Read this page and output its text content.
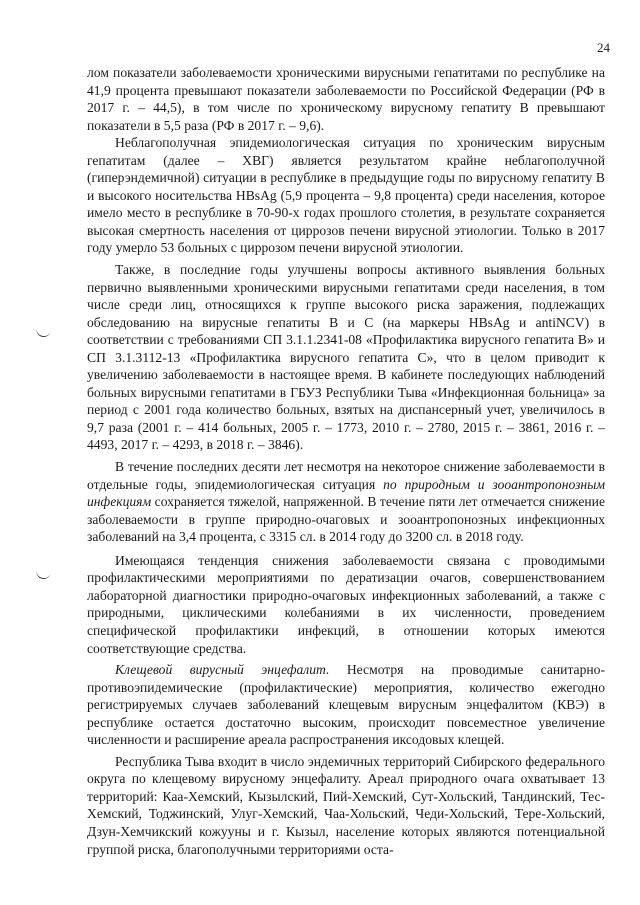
24

лом показатели заболеваемости хроническими вирусными гепатитами по республике на 41,9 процента превышают показатели заболеваемости по Российской Федерации (РФ в 2017 г. – 44,5), в том числе по хроническому вирусному гепатиту В превышают показатели в 5,5 раза (РФ в 2017 г. – 9,6).

Неблагополучная эпидемиологическая ситуация по хроническим вирусным гепатитам (далее – ХВГ) является результатом крайне неблагополучной (гиперэндемичной) ситуации в республике в предыдущие годы по вирусному гепатиту В и высокого носительства HBsAg (5,9 процента – 9,8 процента) среди населения, которое имело место в республике в 70-90-х годах прошлого столетия, в результате сохраняется высокая смертность населения от циррозов печени вирусной этиологии. Только в 2017 году умерло 53 больных с циррозом печени вирусной этиологии.

Также, в последние годы улучшены вопросы активного выявления больных первично выявленными хроническими вирусными гепатитами среди населения, в том числе среди лиц, относящихся к группе высокого риска заражения, подлежащих обследованию на вирусные гепатиты В и С (на маркеры HBsAg и antiNCV) в соответствии с требованиями СП 3.1.1.2341-08 «Профилактика вирусного гепатита В» и СП 3.1.3112-13 «Профилактика вирусного гепатита С», что в целом приводит к увеличению заболеваемости в настоящее время. В кабинете последующих наблюдений больных вирусными гепатитами в ГБУЗ Республики Тыва «Инфекционная больница» за период с 2001 года количество больных, взятых на диспансерный учет, увеличилось в 9,7 раза (2001 г. – 414 больных, 2005 г. – 1773, 2010 г. – 2780, 2015 г. – 3861, 2016 г. – 4493, 2017 г. – 4293, в 2018 г. – 3846).

В течение последних десяти лет несмотря на некоторое снижение заболеваемости в отдельные годы, эпидемиологическая ситуация по природным и зооантропонозным инфекциям сохраняется тяжелой, напряженной. В течение пяти лет отмечается снижение заболеваемости в группе природно-очаговых и зооантропонозных инфекционных заболеваний на 3,4 процента, с 3315 сл. в 2014 году до 3200 сл. в 2018 году.

Имеющаяся тенденция снижения заболеваемости связана с проводимыми профилактическими мероприятиями по дератизации очагов, совершенствованием лабораторной диагностики природно-очаговых инфекционных заболеваний, а также с природными, циклическими колебаниями в их численности, проведением специфической профилактики инфекций, в отношении которых имеются соответствующие средства.

Клещевой вирусный энцефалит. Несмотря на проводимые санитарно-противоэпидемические (профилактические) мероприятия, количество ежегодно регистрируемых случаев заболеваний клещевым вирусным энцефалитом (КВЭ) в республике остается достаточно высоким, происходит повсеместное увеличение численности и расширение ареала распространения иксодовых клещей.

Республика Тыва входит в число эндемичных территорий Сибирского федерального округа по клещевому вирусному энцефалиту. Ареал природного очага охватывает 13 территорий: Каа-Хемский, Кызылский, Пий-Хемский, Сут-Хольский, Тандинский, Тес-Хемский, Тоджинский, Улуг-Хемский, Чаа-Хольский, Чеди-Хольский, Тере-Хольский, Дзун-Хемчикский кожууны и г. Кызыл, население которых являются потенциальной группой риска, благополучными территориями оста-
